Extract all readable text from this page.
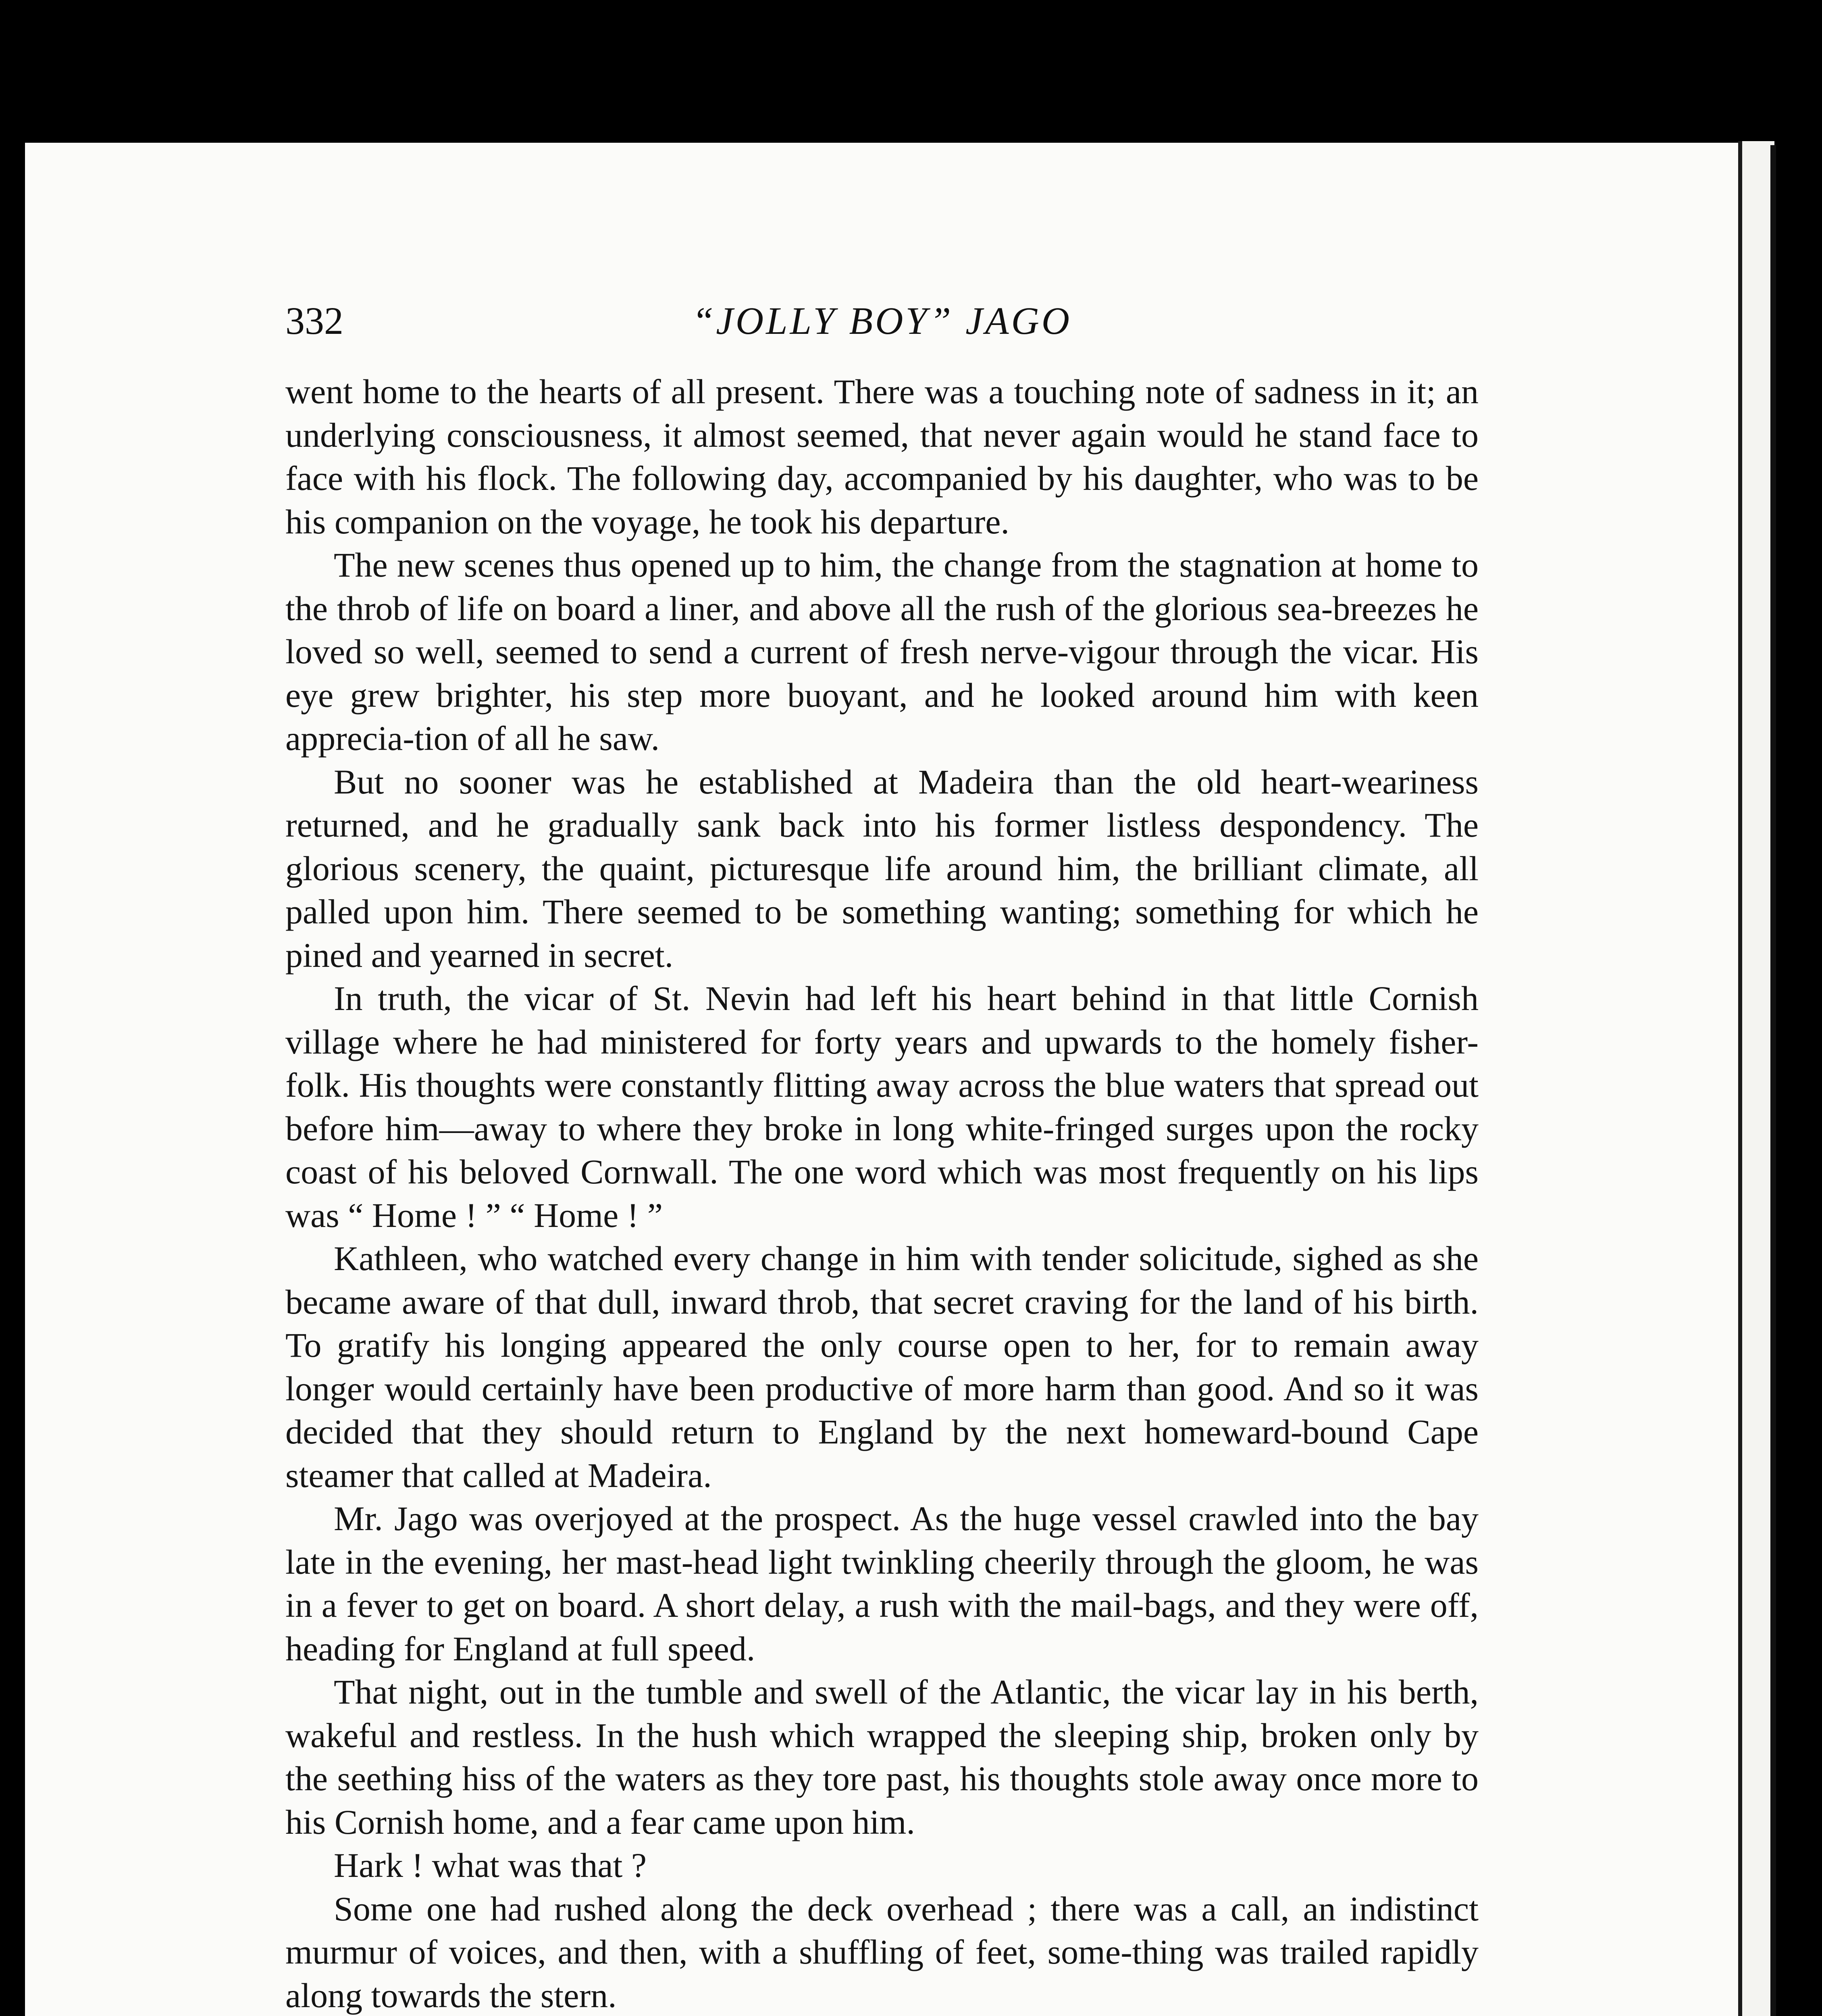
332	“JOLLY BOY” JAGO

went home to the hearts of all present. There was a touching note of sadness in it; an underlying consciousness, it almost seemed, that never again would he stand face to face with his flock. The following day, accompanied by his daughter, who was to be his companion on the voyage, he took his departure.

The new scenes thus opened up to him, the change from the stagnation at home to the throb of life on board a liner, and above all the rush of the glorious sea-breezes he loved so well, seemed to send a current of fresh nerve-vigour through the vicar. His eye grew brighter, his step more buoyant, and he looked around him with keen apprecia-tion of all he saw.

But no sooner was he established at Madeira than the old heart-weariness returned, and he gradually sank back into his former listless despondency. The glorious scenery, the quaint, picturesque life around him, the brilliant climate, all palled upon him. There seemed to be something wanting; something for which he pined and yearned in secret.

In truth, the vicar of St. Nevin had left his heart behind in that little Cornish village where he had ministered for forty years and upwards to the homely fisher-folk. His thoughts were constantly flitting away across the blue waters that spread out before him—away to where they broke in long white-fringed surges upon the rocky coast of his beloved Cornwall. The one word which was most frequently on his lips was “ Home ! ” “ Home ! ”

Kathleen, who watched every change in him with tender solicitude, sighed as she became aware of that dull, inward throb, that secret craving for the land of his birth. To gratify his longing appeared the only course open to her, for to remain away longer would certainly have been productive of more harm than good. And so it was decided that they should return to England by the next homeward-bound Cape steamer that called at Madeira.

Mr. Jago was overjoyed at the prospect. As the huge vessel crawled into the bay late in the evening, her mast-head light twinkling cheerily through the gloom, he was in a fever to get on board. A short delay, a rush with the mail-bags, and they were off, heading for England at full speed.

That night, out in the tumble and swell of the Atlantic, the vicar lay in his berth, wakeful and restless. In the hush which wrapped the sleeping ship, broken only by the seething hiss of the waters as they tore past, his thoughts stole away once more to his Cornish home, and a fear came upon him.

Hark ! what was that ?

Some one had rushed along the deck overhead ; there was a call, an indistinct murmur of voices, and then, with a shuffling of feet, some-thing was trailed rapidly along towards the stern.
